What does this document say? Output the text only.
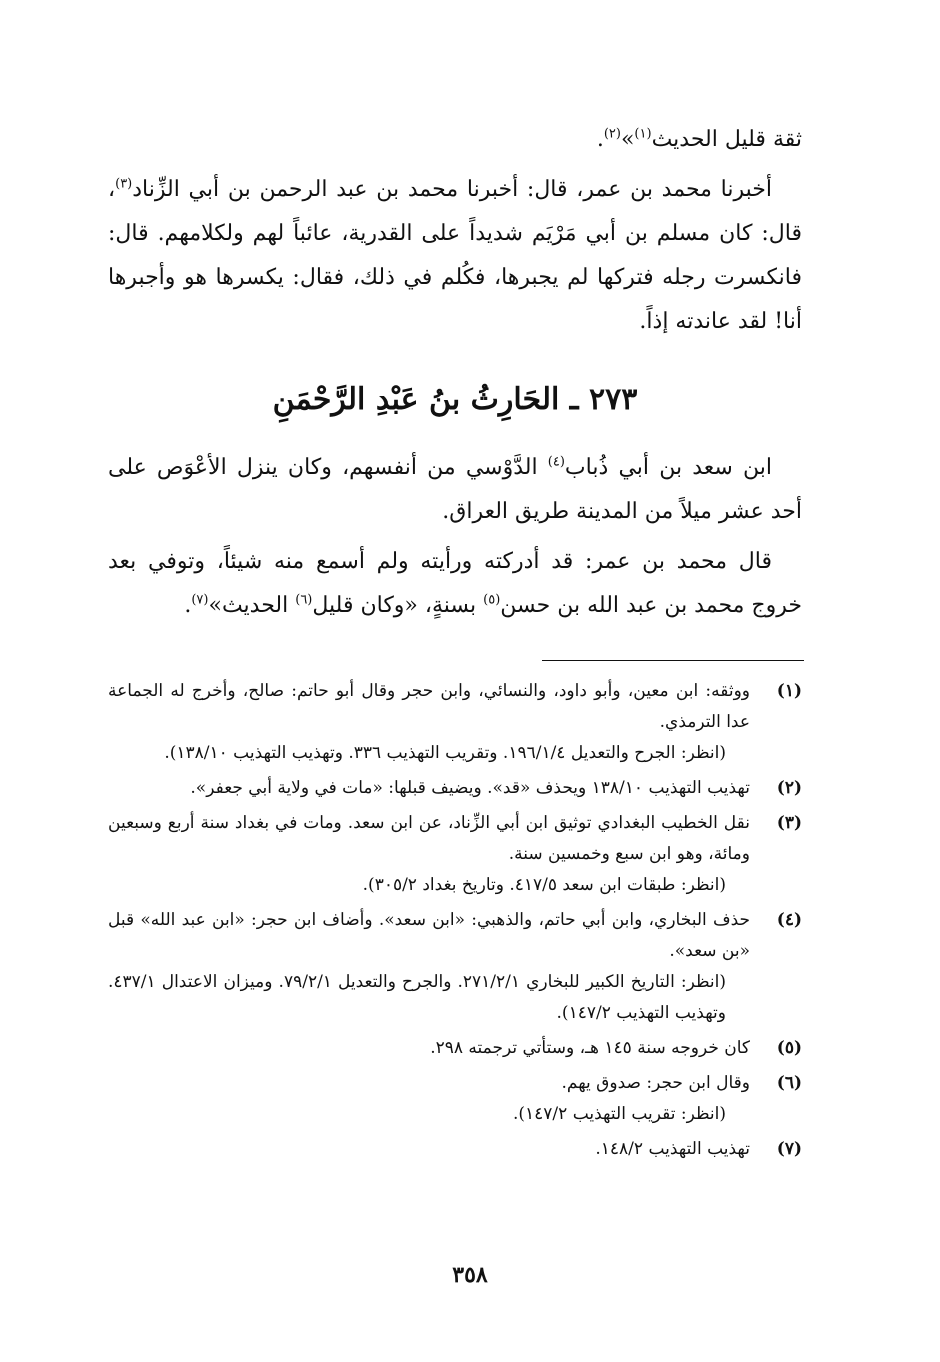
ثقة قليل الحديث$^{(١)}$»$^{(٢)}$.

أخبرنا محمد بن عمر، قال: أخبرنا محمد بن عبد الرحمن بن أبي الزِّناد$^{(٣)}$، قال: كان مسلم بن أبي مَرْيَم شديداً على القدرية، عائباً لهم ولكلامهم. قال: فانكسرت رجله فتركها لم يجبرها، فكُلم في ذلك، فقال: يكسرها هو وأجبرها أنا! لقد عاندته إذاً.

٢٧٣ ـ الحَارِثُ بنُ عَبْدِ الرَّحْمَنِ

ابن سعد بن أبي ذُباب$^{(٤)}$ الدَّوْسي من أنفسهم، وكان ينزل الأعْوَص على أحد عشر ميلاً من المدينة طريق العراق.

قال محمد بن عمر: قد أدركته ورأيته ولم أسمع منه شيئاً، وتوفي بعد خروج محمد بن عبد الله بن حسن$^{(٥)}$ بسنةٍ، «وكان قليل$^{(٦)}$ الحديث»$^{(٧)}$.

(١)
ووثقه: ابن معين، وأبو داود، والنسائي، وابن حجر وقال أبو حاتم: صالح، وأخرج له الجماعة عدا الترمذي.
(انظر: الجرح والتعديل ١٩٦/١/٤. وتقريب التهذيب ٣٣٦. وتهذيب التهذيب ١٣٨/١٠).
(٢)
تهذيب التهذيب ١٣٨/١٠ ويحذف «قد». ويضيف قبلها: «مات في ولاية أبي جعفر».
(٣)
نقل الخطيب البغدادي توثيق ابن أبي الزِّناد، عن ابن سعد. ومات في بغداد سنة أربع وسبعين ومائة، وهو ابن سبع وخمسين سنة.
(انظر: طبقات ابن سعد ٤١٧/٥. وتاريخ بغداد ٣٠٥/٢).
(٤)
حذف البخاري، وابن أبي حاتم، والذهبي: «ابن سعد». وأضاف ابن حجر: «ابن عبد الله» قبل «بن سعد».
(انظر: التاريخ الكبير للبخاري ٢٧١/٢/١. والجرح والتعديل ٧٩/٢/١. وميزان الاعتدال ٤٣٧/١. وتهذيب التهذيب ١٤٧/٢).
(٥)
كان خروجه سنة ١٤٥ هـ، وستأتي ترجمته ٢٩٨.
(٦)
وقال ابن حجر: صدوق يهم.
(انظر: تقريب التهذيب ١٤٧/٢).
(٧)
تهذيب التهذيب ١٤٨/٢.
٣٥٨
